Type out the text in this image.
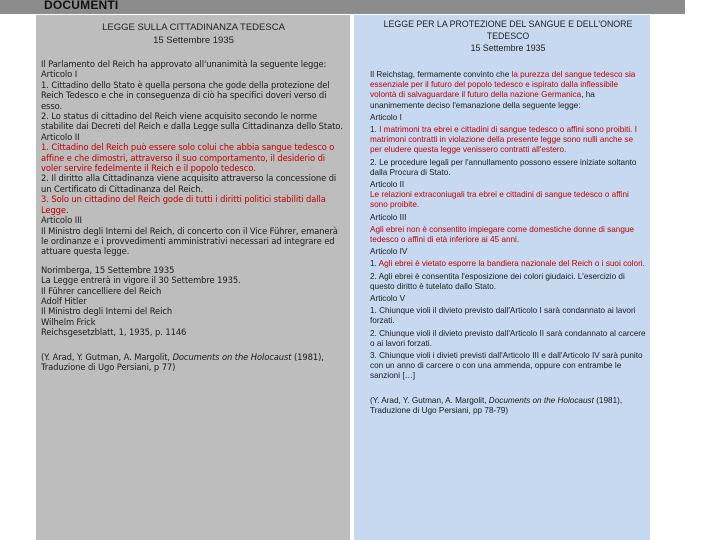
DOCUMENTI
LEGGE SULLA CITTADINANZA TEDESCA
15 Settembre 1935
Il Parlamento del Reich ha approvato all'unanimità la seguente legge:
Articolo I
1. Cittadino dello Stato è quella persona che gode della protezione del Reich Tedesco e che in conseguenza di ciò ha specifici doveri verso di esso.
2. Lo status di cittadino del Reich viene acquisito secondo le norme stabilite dai Decreti del Reich e dalla Legge sulla Cittadinanza dello Stato.
Articolo II
1. Cittadino del Reich può essere solo colui che abbia sangue tedesco o affine e che dimostri, attraverso il suo comportamento, il desiderio di voler servire fedelmente il Reich e il popolo tedesco.
2. Il diritto alla Cittadinanza viene acquisito attraverso la concessione di un Certificato di Cittadinanza del Reich.
3. Solo un cittadino del Reich gode di tutti i diritti politici stabiliti dalla Legge.
Articolo III
Il Ministro degli Interni del Reich, di concerto con il Vice Führer, emanerà le ordinanze e i provvedimenti amministrativi necessari ad integrare ed attuare questa legge.
Norimberga, 15 Settembre 1935
La Legge entrerà in vigore il 30 Settembre 1935.
Il Führer cancelliere del Reich
Adolf Hitler
Il Ministro degli Interni del Reich
Wilhelm Frick
Reichsgesetzblatt, 1, 1935, p. 1146
(Y. Arad, Y. Gutman, A. Margolit, Documents on the Holocaust (1981), Traduzione di Ugo Persiani, p 77)
LEGGE PER LA PROTEZIONE DEL SANGUE E DELL'ONORE TEDESCO
15 Settembre 1935
Il Reichstag, fermamente convinto che la purezza del sangue tedesco sia essenziale per il futuro del popolo tedesco e ispirato dalla inflessibile volontà di salvaguardare il futuro della nazione Germanica, ha unanimemente deciso l'emanazione della seguente legge:
Articolo I
1. I matrimoni tra ebrei e cittadini di sangue tedesco o affini sono proibiti. I matrimoni contratti in violazione della presente legge sono nulli anche se per eludere questa legge venissero contratti all'estero.
2. Le procedure legali per l'annullamento possono essere iniziate soltanto dalla Procura di Stato.
Articolo II
Le relazioni extraconiugali tra ebrei e cittadini di sangue tedesco o affini sono proibite.
Articolo III
Agli ebrei non è consentito impiegare come domestiche donne di sangue tedesco o affini di età inferiore ai 45 anni.
Articolo IV
1. Agli ebrei è vietato esporre la bandiera nazionale del Reich o i suoi colori.
2. Agli ebrei è consentita l'esposizione dei colori giudaici. L'esercizio di questo diritto è tutelato dallo Stato.
Articolo V
1. Chiunque violi il divieto previsto dall'Articolo I sarà condannato ai lavori forzati.
2. Chiunque violi il divieto previsto dall'Articolo II sarà condannato al carcere o ai lavori forzati.
3. Chiunque violi i divieti previsti dall'Articolo III e dall'Articolo IV sarà punito con un anno di carcere o con una ammenda, oppure con entrambe le sanzioni […]
(Y. Arad, Y. Gutman, A. Margolit, Documents on the Holocaust (1981), Traduzione di Ugo Persiani, pp 78-79)
